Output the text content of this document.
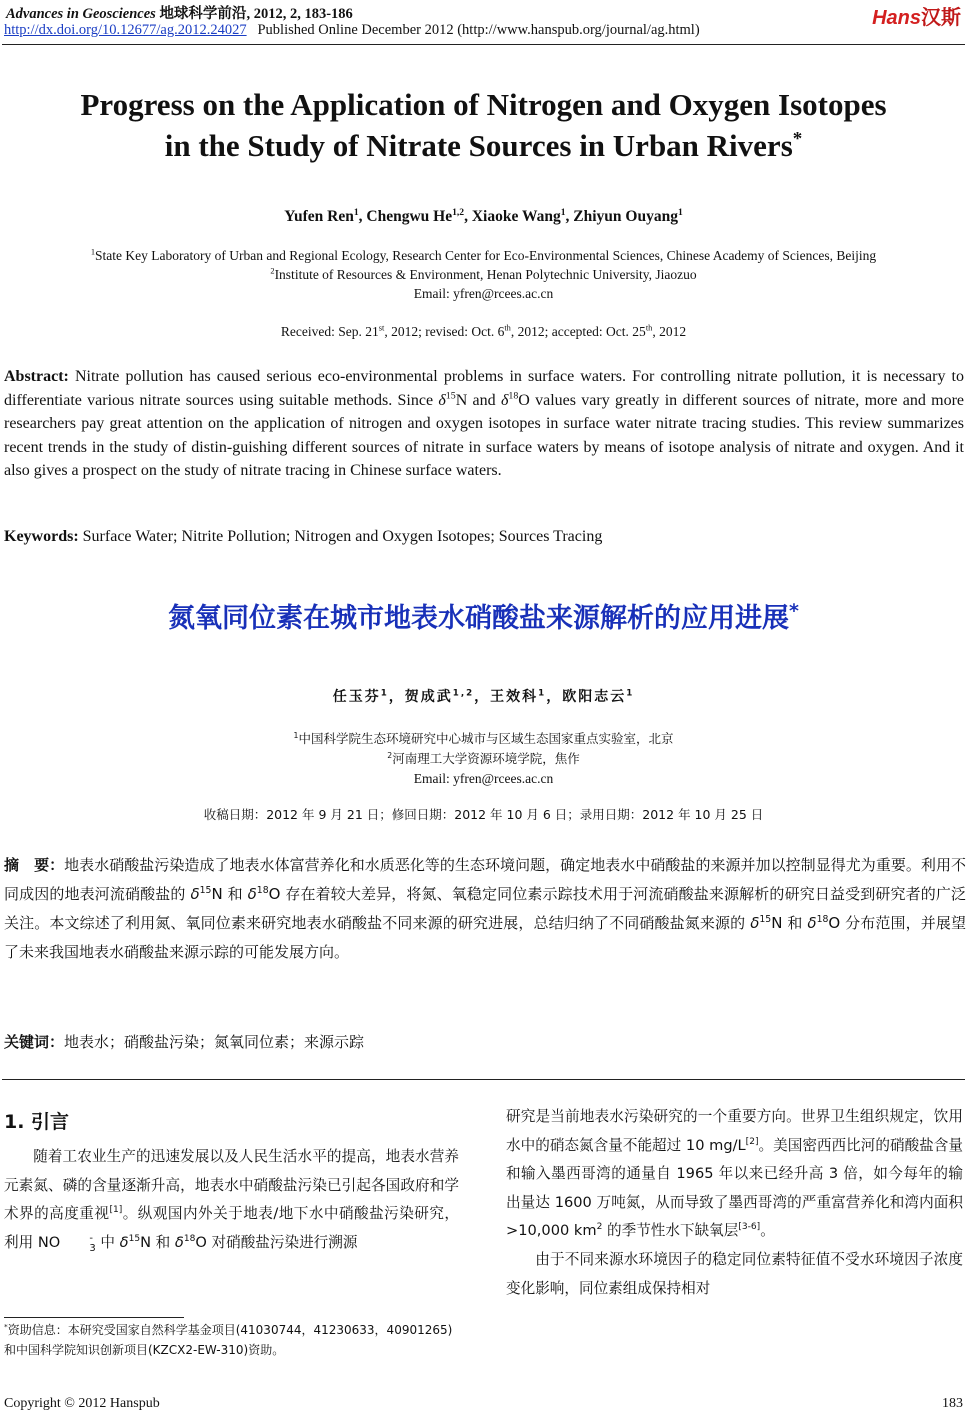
Advances in Geosciences 地球科学前沿, 2012, 2, 183-186
http://dx.doi.org/10.12677/ag.2012.24027 Published Online December 2012 (http://www.hanspub.org/journal/ag.html)
Hans汉斯
Progress on the Application of Nitrogen and Oxygen Isotopes
in the Study of Nitrate Sources in Urban Rivers*
Yufen Ren$^1$, Chengwu He$^{1,2}$, Xiaoke Wang$^1$, Zhiyun Ouyang$^1$
$^1$State Key Laboratory of Urban and Regional Ecology, Research Center for Eco-Environmental Sciences, Chinese Academy of Sciences, Beijing
$^2$Institute of Resources & Environment, Henan Polytechnic University, Jiaozuo
Email: yfren@rcees.ac.cn
Received: Sep. 21st, 2012; revised: Oct. 6th, 2012; accepted: Oct. 25th, 2012

Abstract: Nitrate pollution has caused serious eco-environmental problems in surface waters. For controlling nitrate pollution, it is necessary to differentiate various nitrate sources using suitable methods. Since $\delta^{15}N$ and $\delta^{18}O$ values vary greatly in different sources of nitrate, more and more researchers pay great attention on the application of nitrogen and oxygen isotopes in surface water nitrate tracing studies. This review summarizes recent trends in the study of distin-guishing different sources of nitrate in surface waters by means of isotope analysis of nitrate and oxygen. And it also gives a prospect on the study of nitrate tracing in Chinese surface waters.

Keywords: Surface Water; Nitrite Pollution; Nitrogen and Oxygen Isotopes; Sources Tracing

氮氧同位素在城市地表水硝酸盐来源解析的应用进展*
任玉芬$^1$，贺成武$^{1,2}$，王效科$^1$，欧阳志云$^1$
$^1$中国科学院生态环境研究中心城市与区域生态国家重点实验室，北京
$^2$河南理工大学资源环境学院，焦作
Email: yfren@rcees.ac.cn
收稿日期：2012 年 9 月 21 日；修回日期：2012 年 10 月 6 日；录用日期：2012 年 10 月 25 日

摘　要：地表水硝酸盐污染造成了地表水体富营养化和水质恶化等的生态环境问题，确定地表水中硝酸盐的来源并加以控制显得尤为重要。利用不同成因的地表河流硝酸盐的 $\delta^{15}N$ 和 $\delta^{18}O$ 存在着较大差异，将氮、氧稳定同位素示踪技术用于河流硝酸盐来源解析的研究日益受到研究者的广泛关注。本文综述了利用氮、氧同位素来研究地表水硝酸盐不同来源的研究进展，总结归纳了不同硝酸盐氮来源的 $\delta^{15}N$ 和 $\delta^{18}O$ 分布范围，并展望了未来我国地表水硝酸盐来源示踪的可能发展方向。

关键词：地表水；硝酸盐污染；氮氧同位素；来源示踪
1. 引言

随着工农业生产的迅速发展以及人民生活水平的提高，地表水营养元素氮、磷的含量逐渐升高，地表水中硝酸盐污染已引起各国政府和学术界的高度重视[1]。纵观国内外关于地表/地下水中硝酸盐污染研究，利用 NO	-
3 中 $\delta^{15}N$ 和 $\delta^{18}O$ 对硝酸盐污染进行溯源

*资助信息：本研究受国家自然科学基金项目(41030744，41230633，40901265)和中国科学院知识创新项目(KZCX2-EW-310)资助。

研究是当前地表水污染研究的一个重要方向。世界卫生组织规定，饮用水中的硝态氮含量不能超过 10 mg/L[2]。美国密西西比河的硝酸盐含量和输入墨西哥湾的通量自 1965 年以来已经升高 3 倍，如今每年的输出量达 1600 万吨氮，从而导致了墨西哥湾的严重富营养化和湾内面积>10,000 $km^2$ 的季节性水下缺氧层[3-6]。

由于不同来源水环境因子的稳定同位素特征值不受水环境因子浓度变化影响，同位素组成保持相对

Copyright © 2012 Hanspub	183
